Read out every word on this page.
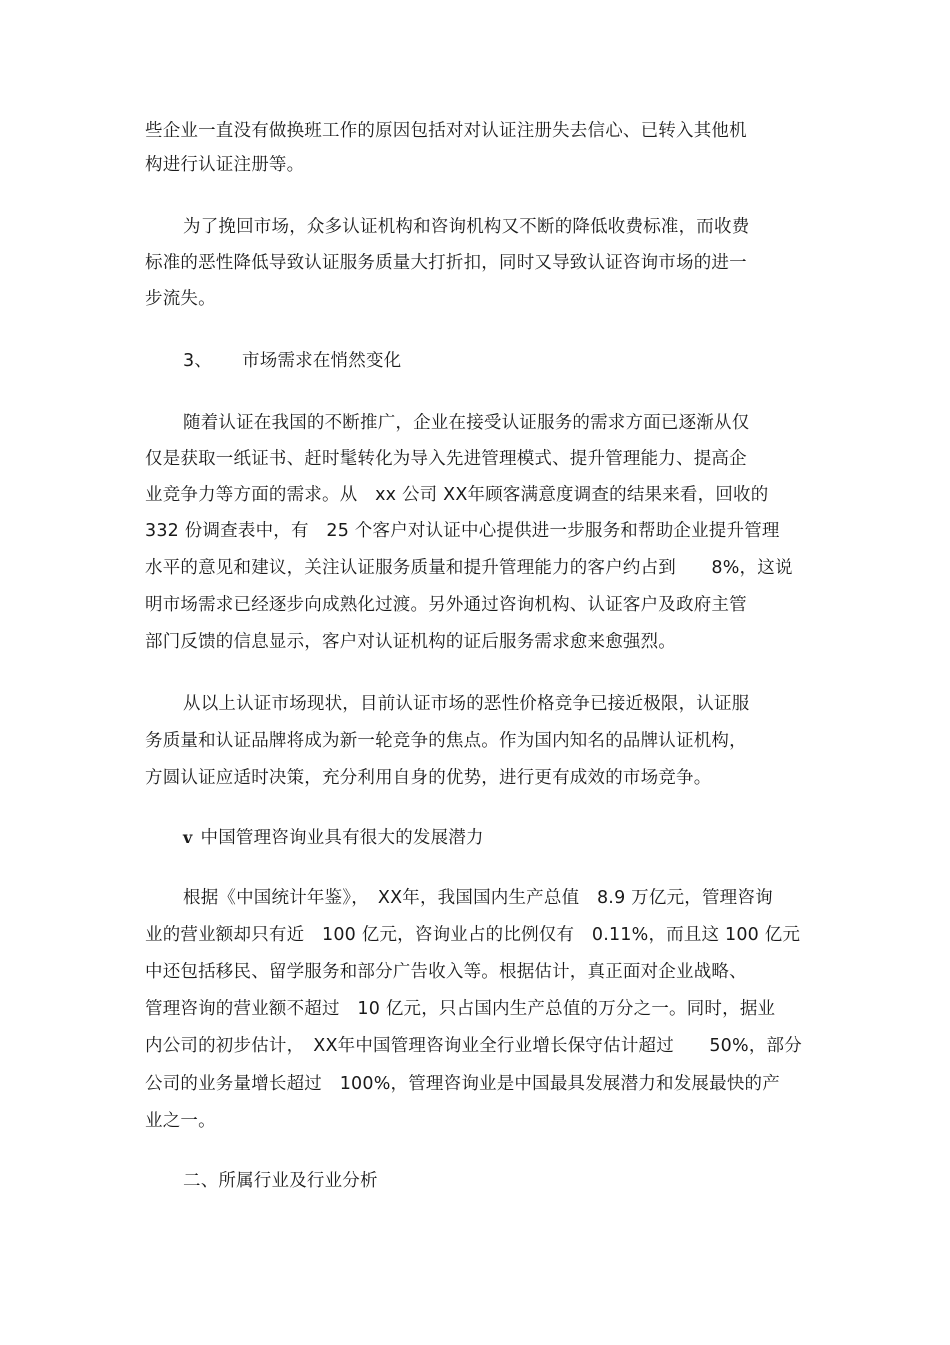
些企业一直没有做换班工作的原因包括对对认证注册失去信心、已转入其他机
构进行认证注册等。
为了挽回市场，众多认证机构和咨询机构又不断的降低收费标准，而收费
标准的恶性降低导致认证服务质量大打折扣，同时又导致认证咨询市场的进一
步流失。
3、 市场需求在悄然变化
随着认证在我国的不断推广，企业在接受认证服务的需求方面已逐渐从仅
仅是获取一纸证书、赶时髦转化为导入先进管理模式、提升管理能力、提高企
业竞争力等方面的需求。从　xx 公司 XX年顾客满意度调查的结果来看，回收的
332 份调查表中，有　25 个客户对认证中心提供进一步服务和帮助企业提升管理
水平的意见和建议，关注认证服务质量和提升管理能力的客户约占到　　8%，这说
明市场需求已经逐步向成熟化过渡。另外通过咨询机构、认证客户及政府主管
部门反馈的信息显示，客户对认证机构的证后服务需求愈来愈强烈。
从以上认证市场现状，目前认证市场的恶性价格竞争已接近极限，认证服
务质量和认证品牌将成为新一轮竞争的焦点。作为国内知名的品牌认证机构，
方圆认证应适时决策，充分利用自身的优势，进行更有成效的市场竞争。
v 中国管理咨询业具有很大的发展潜力
根据《中国统计年鉴》，　XX年，我国国内生产总值　8.9 万亿元，管理咨询
业的营业额却只有近　100 亿元，咨询业占的比例仅有　0.11%，而且这 100 亿元
中还包括移民、留学服务和部分广告收入等。根据估计，真正面对企业战略、
管理咨询的营业额不超过　10 亿元，只占国内生产总值的万分之一。同时，据业
内公司的初步估计，　XX年中国管理咨询业全行业增长保守估计超过　　50%，部分
公司的业务量增长超过　100%，管理咨询业是中国最具发展潜力和发展最快的产
业之一。
二、所属行业及行业分析
